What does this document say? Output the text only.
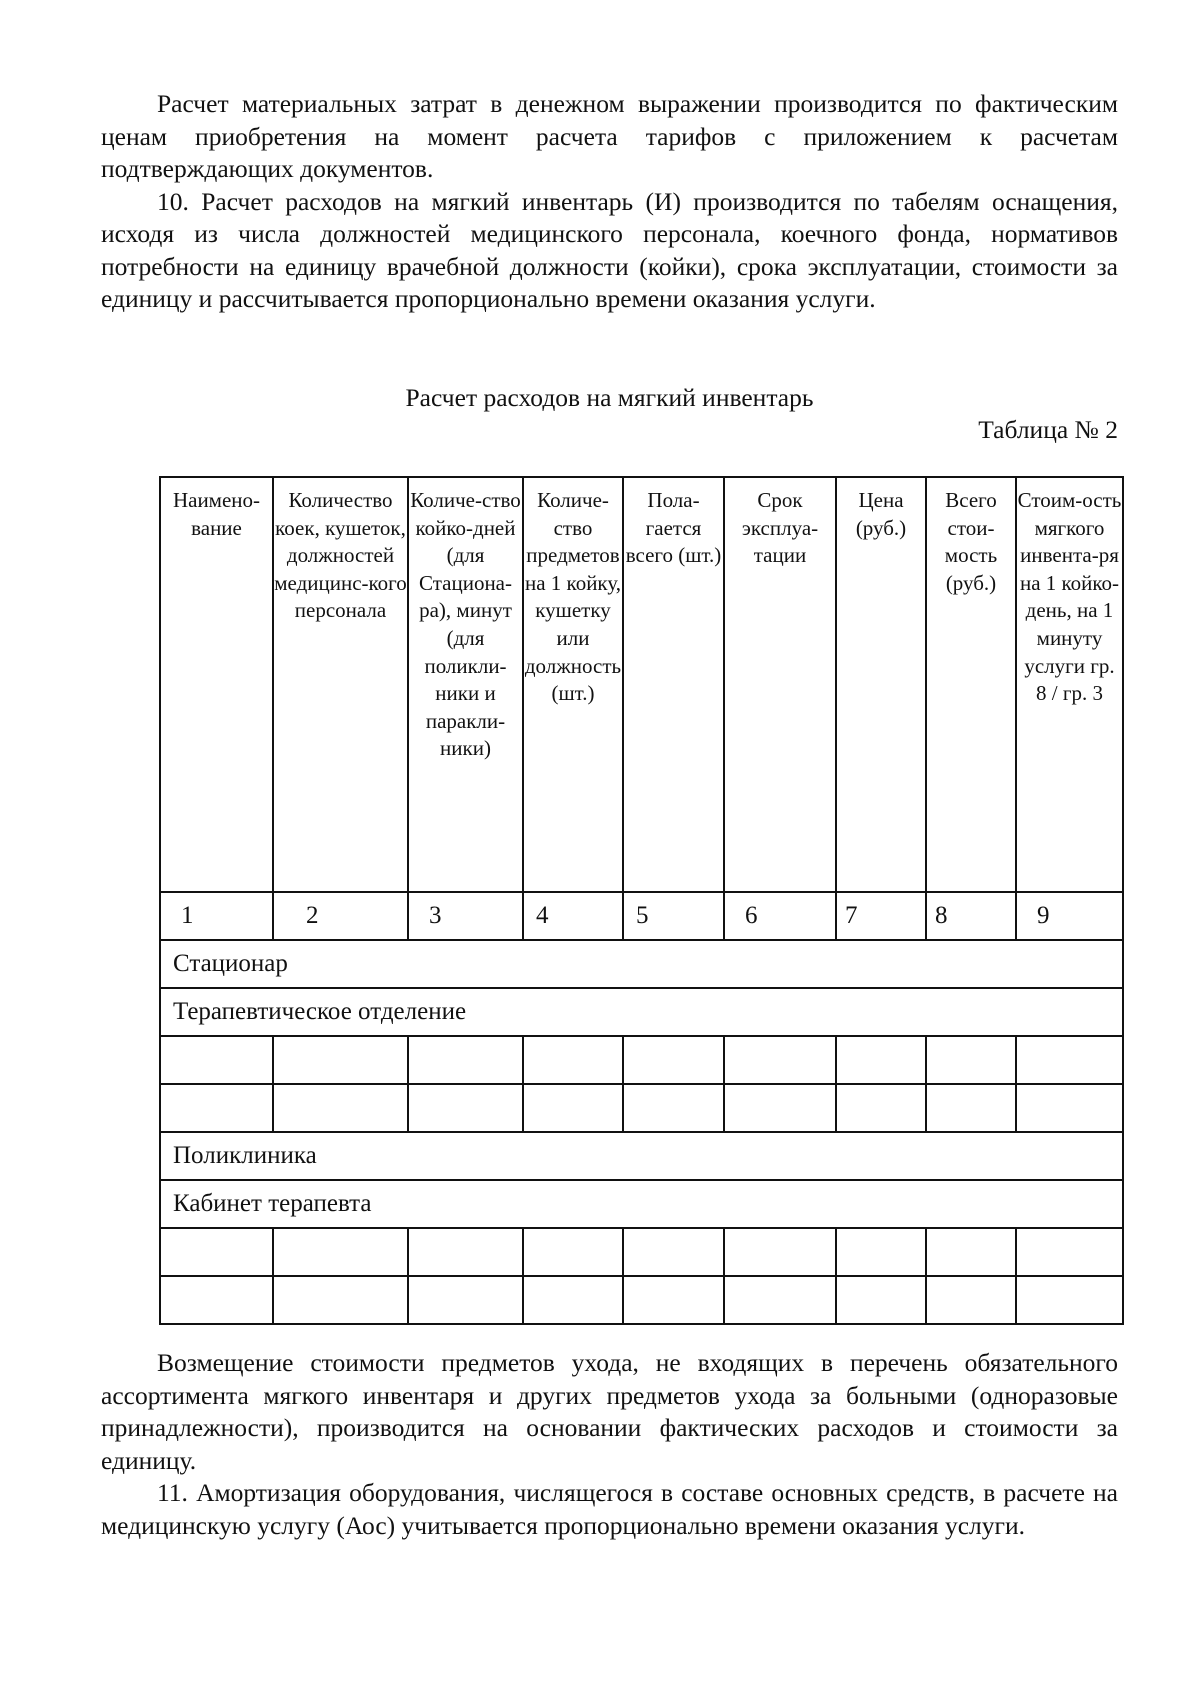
Расчет материальных затрат в денежном выражении производится по фактическим ценам приобретения на момент расчета тарифов с приложением к расчетам подтверждающих документов.

10. Расчет расходов на мягкий инвентарь (И) производится по табелям оснащения, исходя из числа должностей медицинского персонала, коечного фонда, нормативов потребности на единицу врачебной должности (койки), срока эксплуатации, стоимости за единицу и рассчитывается пропорционально времени оказания услуги.

Расчет расходов на мягкий инвентарь
Таблица № 2
Наимено-вание	Количество коек, кушеток, должностей медицинс-кого персонала	Количе-ство койко-дней (для Стациона-ра), минут (для поликли-ники и паракли-ники)	Количе-ство предметов на 1 койку, кушетку или должность (шт.)	Пола-гается всего (шт.)	Срок эксплуа-тации	Цена (руб.)	Всего стои-мость (руб.)	Стоим-ость мягкого инвента-ря на 1 койко-день, на 1 минуту услуги гр. 8 / гр. 3
1	2	3	4	5	6	7	8	9
Стационар								
Терапевтическое отделение								

Поликлиника								
Кабинет терапевта								

Возмещение стоимости предметов ухода, не входящих в перечень обязательного ассортимента мягкого инвентаря и других предметов ухода за больными (одноразовые принадлежности), производится на основании фактических расходов и стоимости за единицу.

11. Амортизация оборудования, числящегося в составе основных средств, в расчете на медицинскую услугу (Аос) учитывается пропорционально времени оказания услуги.
